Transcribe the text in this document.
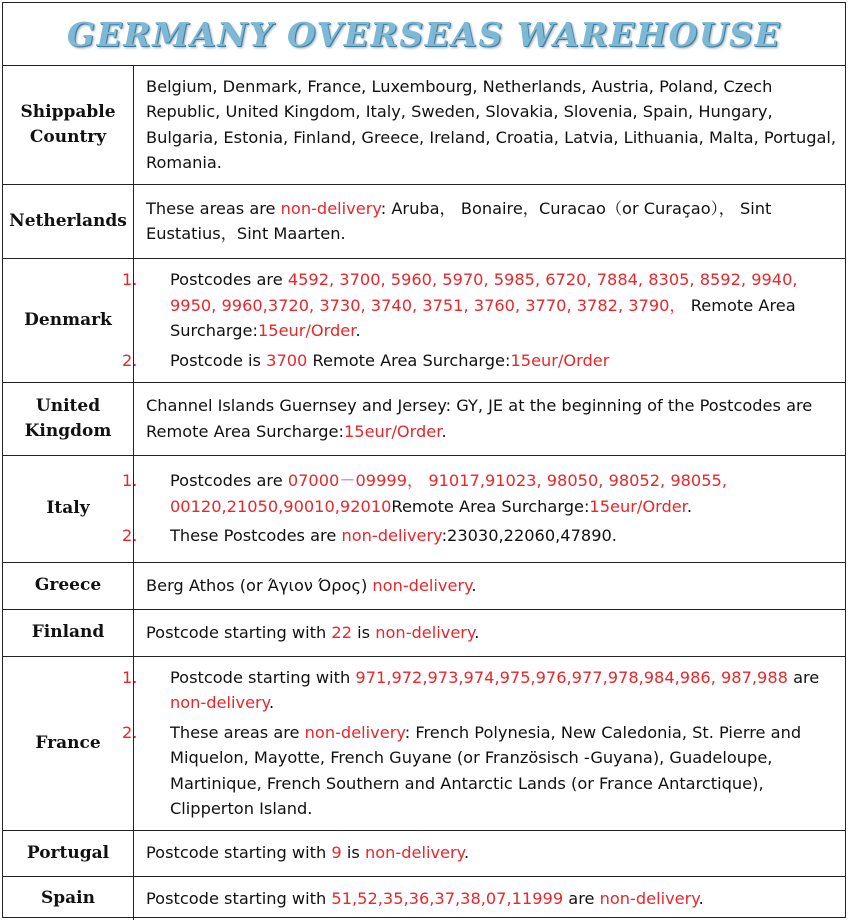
GERMANY OVERSEAS WAREHOUSE
Shippable Country	Belgium, Denmark, France, Luxembourg, Netherlands, Austria, Poland, Czech Republic, United Kingdom, Italy, Sweden, Slovakia, Slovenia, Spain, Hungary, Bulgaria, Estonia, Finland, Greece, Ireland, Croatia, Latvia, Lithuania, Malta, Portugal, Romania.
Netherlands	These areas are non-delivery: Aruba， Bonaire，Curacao（or Curaçao）， Sint Eustatius，Sint Maarten.
Denmark	1. Postcodes are 4592, 3700, 5960, 5970, 5985, 6720, 7884, 8305, 8592, 9940, 9950, 9960,3720, 3730, 3740, 3751, 3760, 3770, 3782, 3790， Remote Area Surcharge:15eur/Order.
2. Postcode is 3700 Remote Area Surcharge:15eur/Order

United Kingdom	Channel Islands Guernsey and Jersey: GY, JE at the beginning of the Postcodes are Remote Area Surcharge:15eur/Order.
Italy	1. Postcodes are 07000－09999， 91017,91023, 98050, 98052, 98055, 00120,21050,90010,92010Remote Area Surcharge:15eur/Order.
2. These Postcodes are non-delivery:23030,22060,47890.

Greece	Berg Athos (or Άγιον Όρος) non-delivery.
Finland	Postcode starting with 22 is non-delivery.
France	1. Postcode starting with 971,972,973,974,975,976,977,978,984,986, 987,988 are non-delivery.
2. These areas are non-delivery: French Polynesia, New Caledonia, St. Pierre and Miquelon, Mayotte, French Guyane (or Französisch -Guyana), Guadeloupe, Martinique, French Southern and Antarctic Lands (or France Antarctique), Clipperton Island.

Portugal	Postcode starting with 9 is non-delivery.
Spain	Postcode starting with 51,52,35,36,37,38,07,11999 are non-delivery.
